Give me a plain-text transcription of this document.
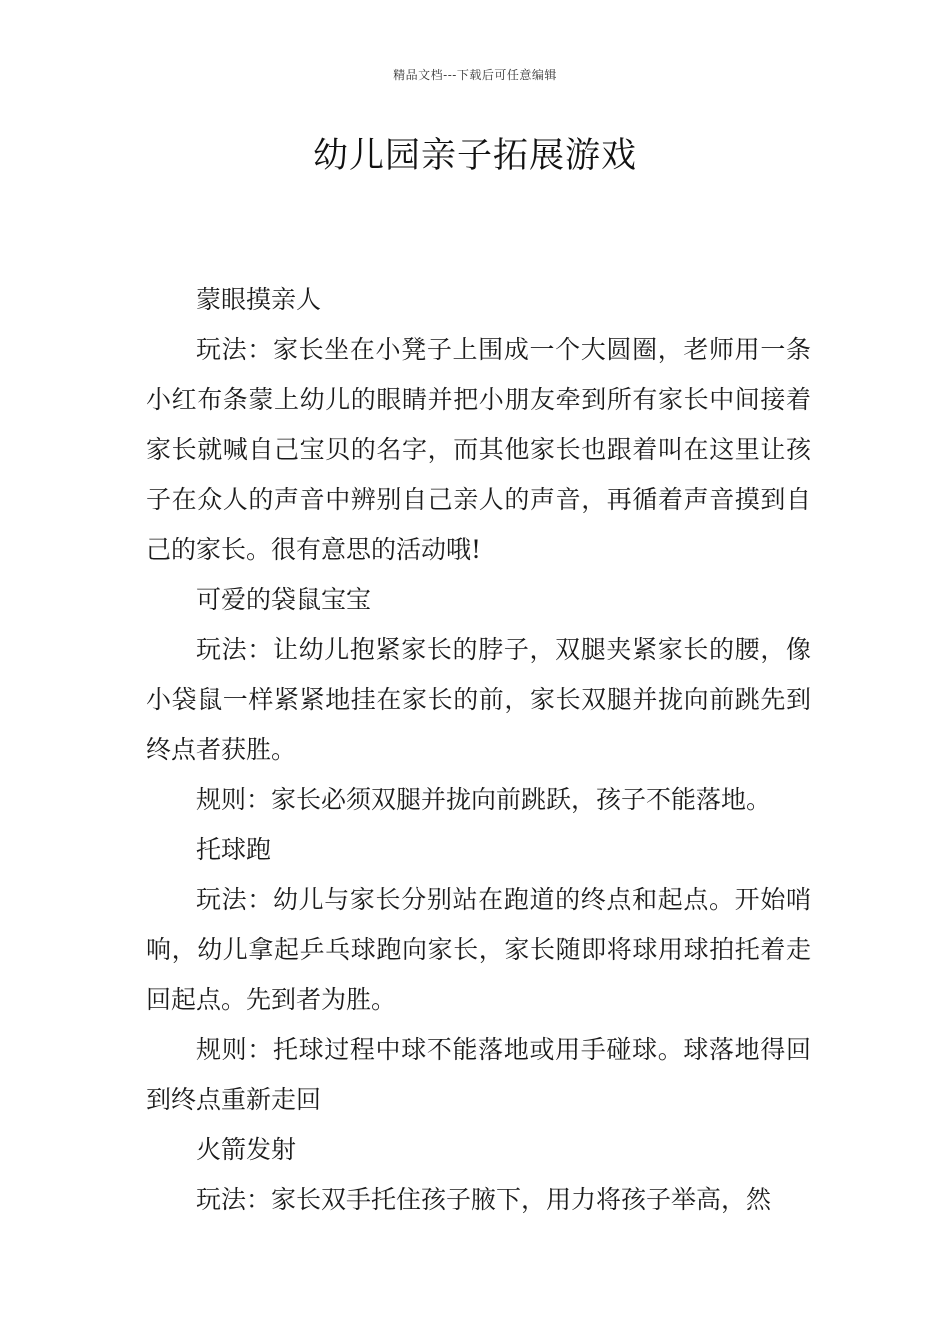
精品文档---下载后可任意编辑
幼儿园亲子拓展游戏

蒙眼摸亲人

玩法：家长坐在小凳子上围成一个大圆圈，老师用一条小红布条蒙上幼儿的眼睛并把小朋友牵到所有家长中间接着家长就喊自己宝贝的名字，而其他家长也跟着叫在这里让孩子在众人的声音中辨别自己亲人的声音，再循着声音摸到自己的家长。很有意思的活动哦!

可爱的袋鼠宝宝

玩法：让幼儿抱紧家长的脖子，双腿夹紧家长的腰，像小袋鼠一样紧紧地挂在家长的前，家长双腿并拢向前跳先到终点者获胜。

规则：家长必须双腿并拢向前跳跃，孩子不能落地。

托球跑

玩法：幼儿与家长分别站在跑道的终点和起点。开始哨响，幼儿拿起乒乓球跑向家长，家长随即将球用球拍托着走回起点。先到者为胜。

规则：托球过程中球不能落地或用手碰球。球落地得回到终点重新走回

火箭发射

玩法：家长双手托住孩子腋下，用力将孩子举高，然
